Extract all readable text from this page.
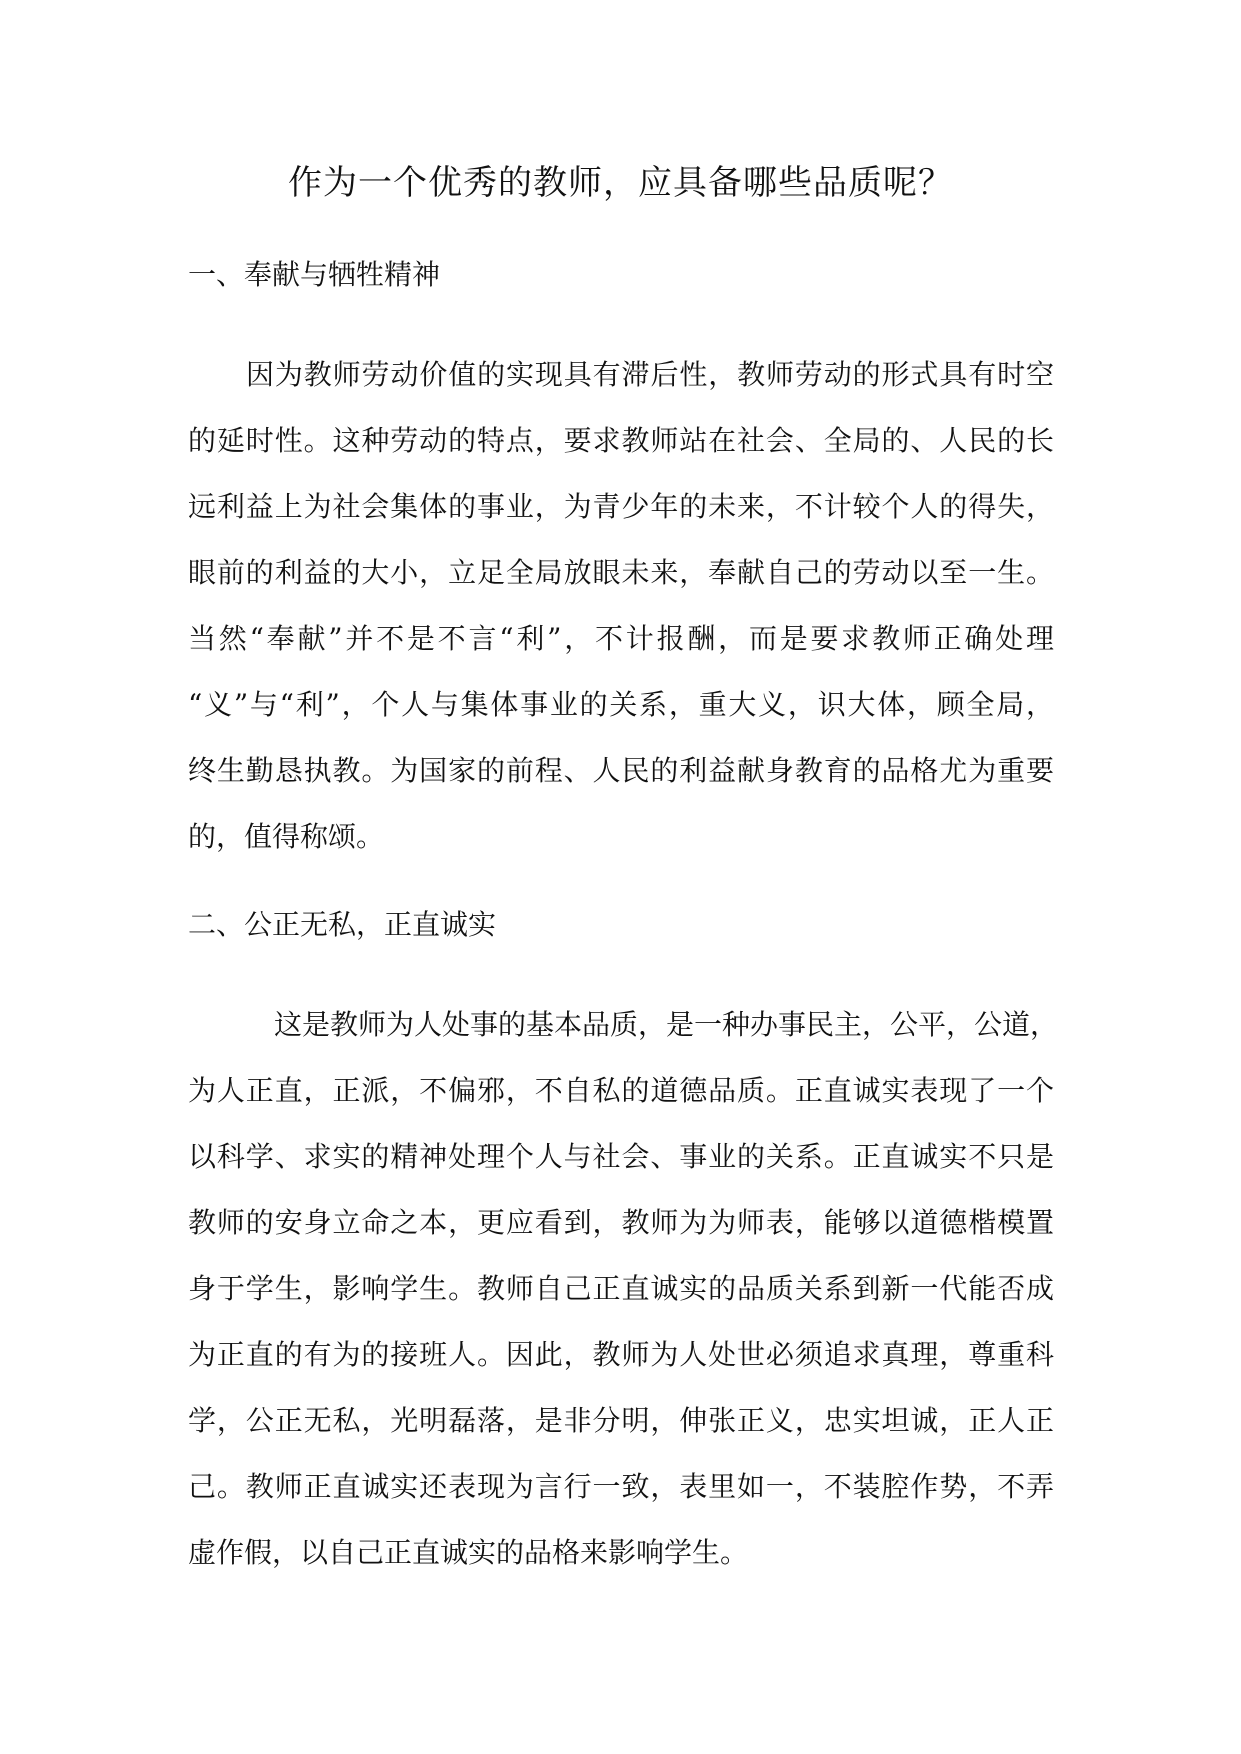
作为一个优秀的教师，应具备哪些品质呢？
一、奉献与牺牲精神

因为教师劳动价值的实现具有滞后性，教师劳动的形式具有时空
的延时性。这种劳动的特点，要求教师站在社会、全局的、人民的长
远利益上为社会集体的事业，为青少年的未来，不计较个人的得失，
眼前的利益的大小，立足全局放眼未来，奉献自己的劳动以至一生。
当然“奉献”并不是不言“利”，不计报酬，而是要求教师正确处理
“义”与“利”，个人与集体事业的关系，重大义，识大体，顾全局，
终生勤恳执教。为国家的前程、人民的利益献身教育的品格尤为重要
的，值得称颂。

二、公正无私，正直诚实

这是教师为人处事的基本品质，是一种办事民主，公平，公道，
为人正直，正派，不偏邪，不自私的道德品质。正直诚实表现了一个
以科学、求实的精神处理个人与社会、事业的关系。正直诚实不只是
教师的安身立命之本，更应看到，教师为为师表，能够以道德楷模置
身于学生，影响学生。教师自己正直诚实的品质关系到新一代能否成
为正直的有为的接班人。因此，教师为人处世必须追求真理，尊重科
学，公正无私，光明磊落，是非分明，伸张正义，忠实坦诚，正人正
己。教师正直诚实还表现为言行一致，表里如一，不装腔作势，不弄
虚作假，以自己正直诚实的品格来影响学生。
